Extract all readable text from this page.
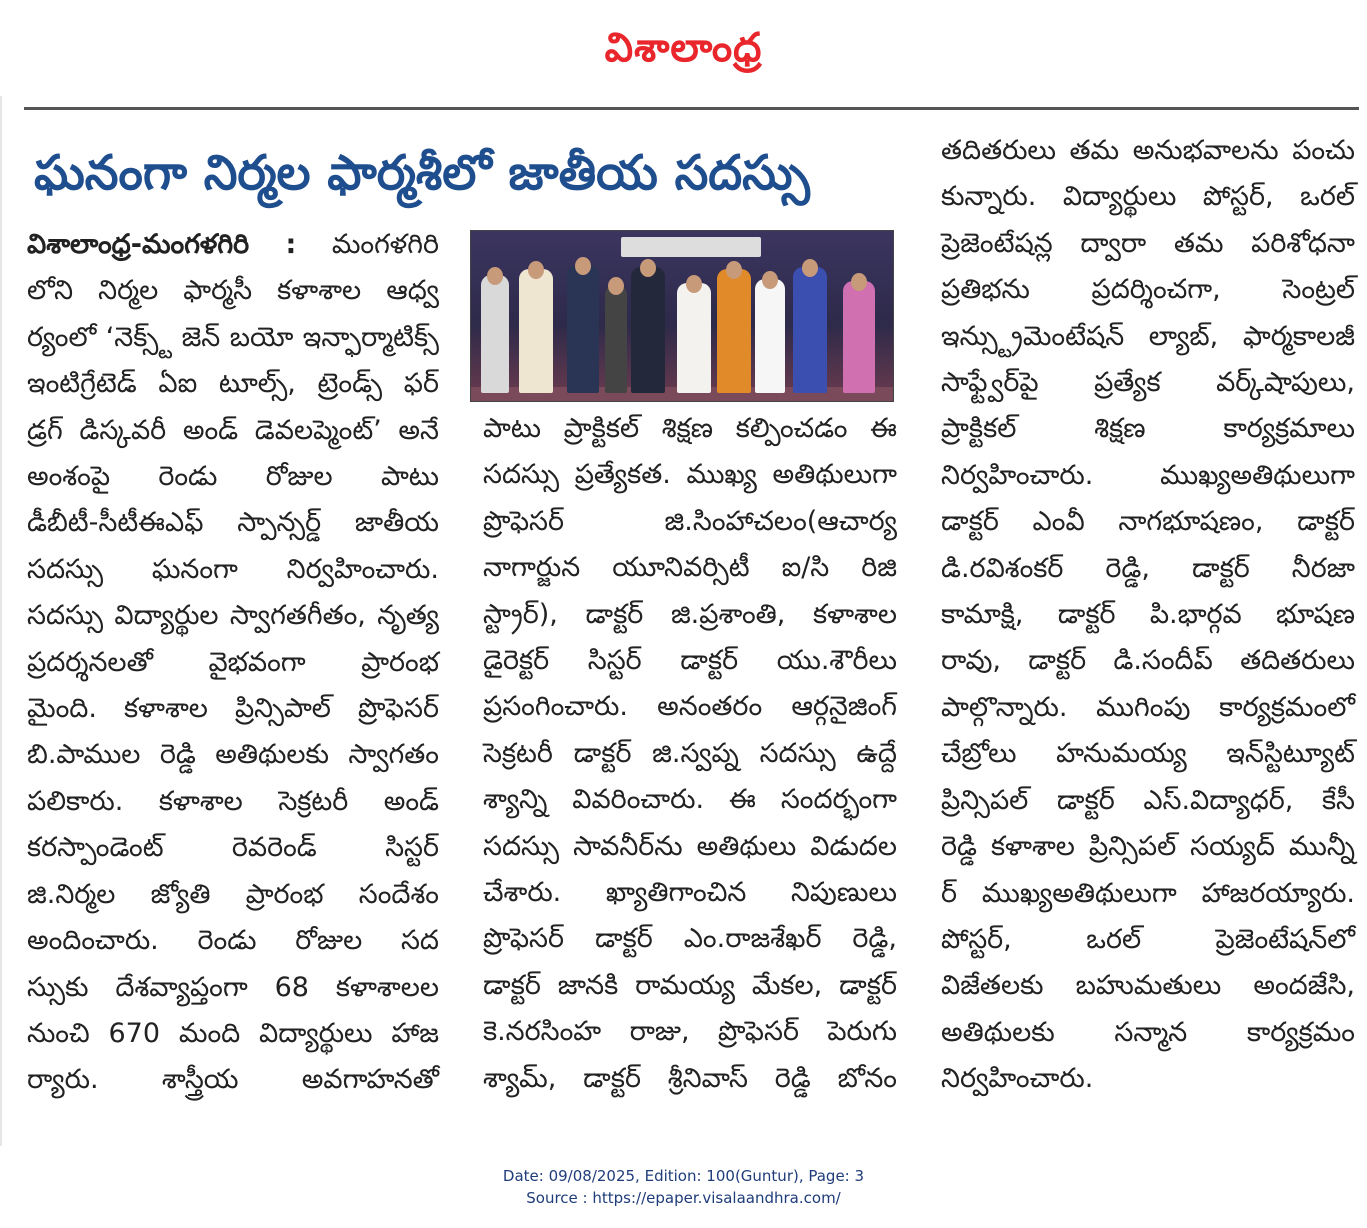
విశాలాంధ్ర
ఘనంగా నిర్మల ఫార్మశీలో జాతీయ సదస్సు

విశాలాంధ్ర-మంగళగిరి : మంగళగిరి

లోని నిర్మల ఫార్మసీ కళాశాల ఆధ్వ

ర్యంలో ‘నెక్స్ట్ జెన్ బయో ఇన్ఫార్మాటిక్స్

ఇంటిగ్రేటెడ్ ఏఐ టూల్స్, ట్రెండ్స్ ఫర్

డ్రగ్ డిస్కవరీ అండ్ డెవలప్మెంట్’ అనే

అంశంపై రెండు రోజుల పాటు

డీబీటీ-సీటీఈఎఫ్ స్పాన్సర్డ్ జాతీయ

సదస్సు ఘనంగా నిర్వహించారు.

సదస్సు విద్యార్థుల స్వాగతగీతం, నృత్య

ప్రదర్శనలతో వైభవంగా ప్రారంభ

మైంది. కళాశాల ప్రిన్సిపాల్ ప్రొఫెసర్

బి.పాముల రెడ్డి అతిథులకు స్వాగతం

పలికారు. కళాశాల సెక్రటరీ అండ్

కరస్పాండెంట్ రెవరెండ్ సిస్టర్

జి.నిర్మల జ్యోతి ప్రారంభ సందేశం

అందించారు. రెండు రోజుల సద

స్సుకు దేశవ్యాప్తంగా 68 కళాశాలల

నుంచి 670 మంది విద్యార్థులు హాజ

ర్యారు. శాస్త్రీయ అవగాహనతో

పాటు ప్రాక్టికల్ శిక్షణ కల్పించడం ఈ

సదస్సు ప్రత్యేకత. ముఖ్య అతిథులుగా

ప్రొఫెసర్ జి.సింహాచలం(ఆచార్య

నాగార్జున యూనివర్సిటీ ఐ/సి రిజి

స్ట్రార్), డాక్టర్ జి.ప్రశాంతి, కళాశాల

డైరెక్టర్ సిస్టర్ డాక్టర్ యు.శౌరీలు

ప్రసంగించారు. అనంతరం ఆర్గనైజింగ్

సెక్రటరీ డాక్టర్ జి.స్వప్న సదస్సు ఉద్దే

శ్యాన్ని వివరించారు. ఈ సందర్భంగా

సదస్సు సావనీర్‌ను అతిథులు విడుదల

చేశారు. ఖ్యాతిగాంచిన నిపుణులు

ప్రొఫెసర్ డాక్టర్ ఎం.రాజశేఖర్ రెడ్డి,

డాక్టర్ జానకి రామయ్య మేకల, డాక్టర్

కె.నరసింహ రాజు, ప్రొఫెసర్ పెరుగు

శ్యామ్, డాక్టర్ శ్రీనివాస్ రెడ్డి బోనం

తదితరులు తమ అనుభవాలను పంచు

కున్నారు. విద్యార్థులు పోస్టర్, ఒరల్

ప్రెజెంటేషన్ల ద్వారా తమ పరిశోధనా

ప్రతిభను ప్రదర్శించగా, సెంట్రల్

ఇన్స్ట్రుమెంటేషన్ ల్యాబ్, ఫార్మకాలజీ

సాఫ్ట్వేర్‌పై ప్రత్యేక వర్క్‌షాపులు,

ప్రాక్టికల్ శిక్షణ కార్యక్రమాలు

నిర్వహించారు. ముఖ్యఅతిథులుగా

డాక్టర్ ఎంవీ నాగభూషణం, డాక్టర్

డి.రవిశంకర్ రెడ్డి, డాక్టర్ నీరజా

కామాక్షి, డాక్టర్ పి.భార్గవ భూషణ

రావు, డాక్టర్ డి.సందీప్ తదితరులు

పాల్గొన్నారు. ముగింపు కార్యక్రమంలో

చేబ్రోలు హనుమయ్య ఇన్‌స్టిట్యూట్

ప్రిన్సిపల్ డాక్టర్ ఎస్.విద్యాధర్, కేసీ

రెడ్డి కళాశాల ప్రిన్సిపల్ సయ్యద్ మున్నీ

ర్ ముఖ్యఅతిథులుగా హాజరయ్యారు.

పోస్టర్, ఒరల్ ప్రెజెంటేషన్‌లో

విజేతలకు బహుమతులు అందజేసి,

అతిథులకు సన్మాన కార్యక్రమం

నిర్వహించారు.

Date: 09/08/2025, Edition: 100(Guntur), Page: 3
Source : https://epaper.visalaandhra.com/
